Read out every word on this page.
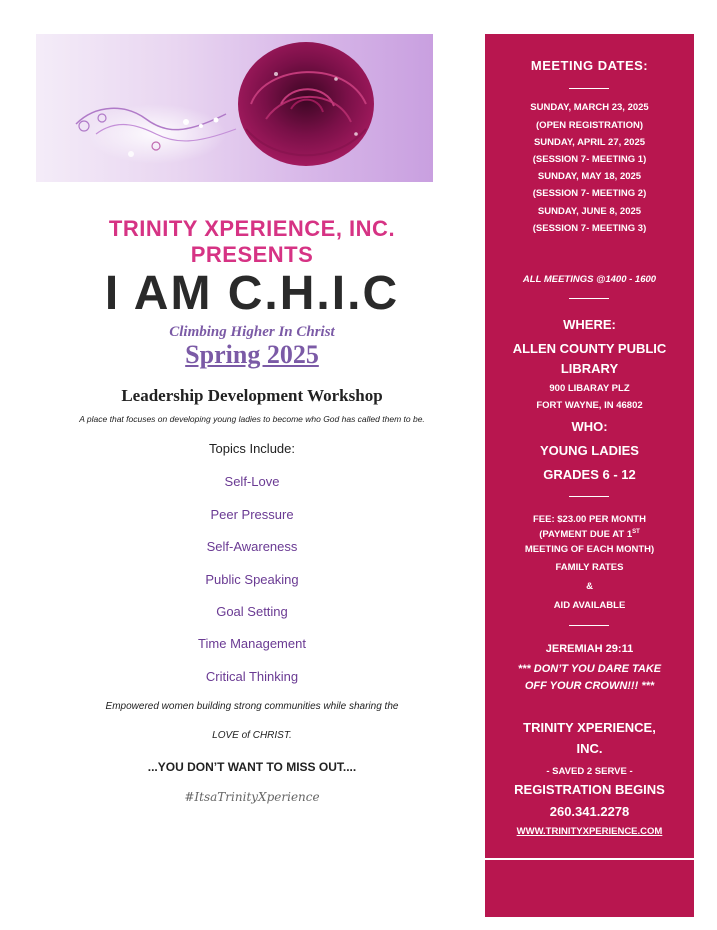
TRINITY XPERIENCE, INC.
PRESENTS
I AM C.H.I.C
Climbing Higher In Christ
Spring 2025
Leadership Development Workshop
A place that focuses on developing young ladies to become who God has called them to be.
Topics Include:
Self-Love
Peer Pressure
Self-Awareness
Public Speaking
Goal Setting
Time Management
Critical Thinking
Empowered women building strong communities while sharing the
LOVE of CHRIST.
...YOU DON’T WANT TO MISS OUT....
#ItsaTrinityXperience
MEETING DATES:
SUNDAY, MARCH 23, 2025
(OPEN REGISTRATION)
SUNDAY, APRIL 27, 2025
(SESSION 7- MEETING 1)
SUNDAY, MAY 18, 2025
(SESSION 7- MEETING 2)
SUNDAY, JUNE 8, 2025
(SESSION 7- MEETING 3)
ALL MEETINGS @1400 - 1600
WHERE:
ALLEN COUNTY PUBLIC
LIBRARY
900 LIBARAY PLZ
FORT WAYNE, IN 46802
WHO:
YOUNG LADIES
GRADES 6 - 12
FEE: $23.00 PER MONTH
(PAYMENT DUE AT 1ST
MEETING OF EACH MONTH)
FAMILY RATES
&
AID AVAILABLE
JEREMIAH 29:11
*** DON’T YOU DARE TAKE
OFF YOUR CROWN!!! ***
TRINITY XPERIENCE,
INC.
- SAVED 2 SERVE -
REGISTRATION BEGINS
260.341.2278
WWW.TRINITYXPERIENCE.COM
